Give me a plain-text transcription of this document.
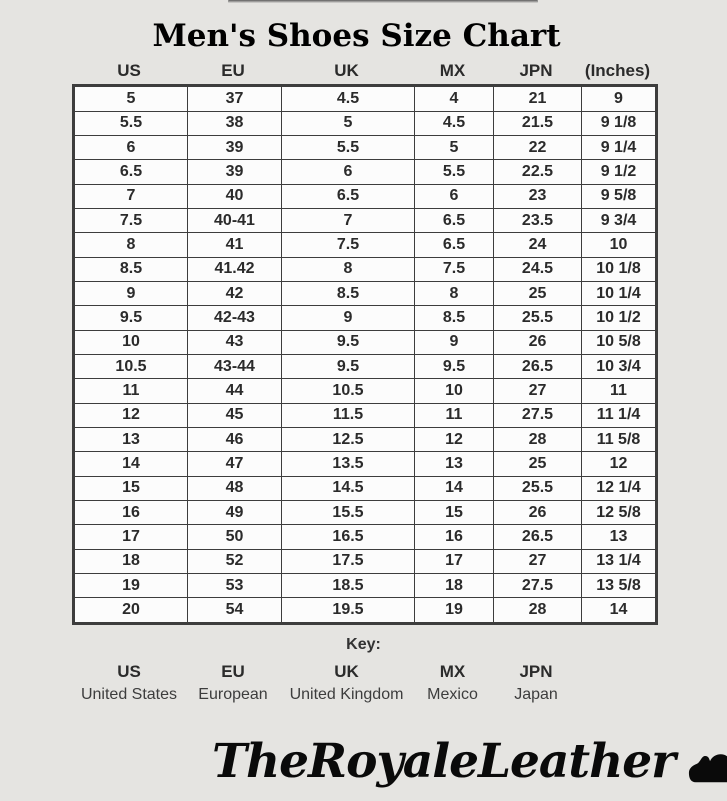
Men's Shoes Size Chart
US	EU	UK	MX	JPN	(Inches)
5	37	4.5	4	21	9
5.5	38	5	4.5	21.5	9 1/8
6	39	5.5	5	22	9 1/4
6.5	39	6	5.5	22.5	9 1/2
7	40	6.5	6	23	9 5/8
7.5	40-41	7	6.5	23.5	9 3/4
8	41	7.5	6.5	24	10
8.5	41.42	8	7.5	24.5	10 1/8
9	42	8.5	8	25	10 1/4
9.5	42-43	9	8.5	25.5	10 1/2
10	43	9.5	9	26	10 5/8
10.5	43-44	9.5	9.5	26.5	10 3/4
11	44	10.5	10	27	11
12	45	11.5	11	27.5	11 1/4
13	46	12.5	12	28	11 5/8
14	47	13.5	13	25	12
15	48	14.5	14	25.5	12 1/4
16	49	15.5	15	26	12 5/8
17	50	16.5	16	26.5	13
18	52	17.5	17	27	13 1/4
19	53	18.5	18	27.5	13 5/8
20	54	19.5	19	28	14
Key:
US	EU	UK	MX	JPN
United States	European	United Kingdom	Mexico	Japan
TheRoyaleLeather
